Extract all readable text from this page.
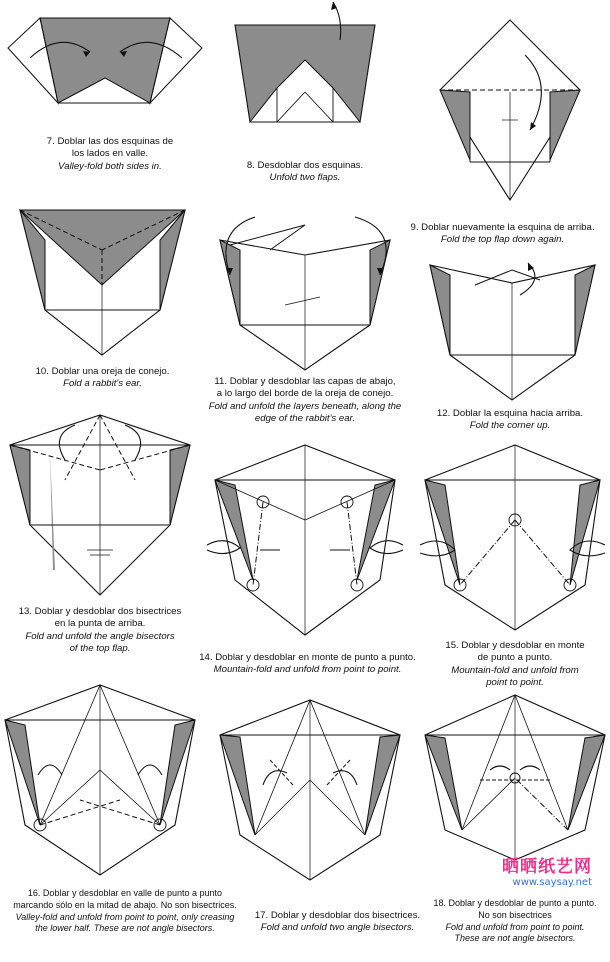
7. Doblar las dos esquinas de
los lados en valle.
Valley-fold both sides in.	8. Desdoblar dos esquinas.
Unfold two flaps.
9. Doblar nuevamente la esquina de arriba.
Fold the top flap down again.
10. Doblar una oreja de conejo.
Fold a rabbit's ear.	11. Doblar y desdoblar las capas de abajo,
a lo largo del borde de la oreja de conejo.
Fold and unfold the layers beneath, along the
edge of the rabbit's ear.	12. Doblar la esquina hacia arriba.
Fold the corner up.
13. Doblar y desdoblar dos bisectrices
en la punta de arriba.
Fold and unfold the angle bisectors
of the top flap.
14. Doblar y desdoblar en monte de punto a punto.
Mountain-fold and unfold from point to point.
15. Doblar y desdoblar en monte
de punto a punto.
Mountain-fold and unfold from
point to point.
16. Doblar y desdoblar en valle de punto a punto
marcando sólo en la mitad de abajo. No son bisectrices.
Valley-fold and unfold from point to point, only creasing
the lower half. These are not angle bisectors.
17. Doblar y desdoblar dos bisectrices.
Fold and unfold two angle bisectors.
18. Doblar y desdoblar de punto a punto.
No son bisectrices
Fold and unfold from point to point.
These are not angle bisectors.
晒晒纸艺网
www.saysay.net
